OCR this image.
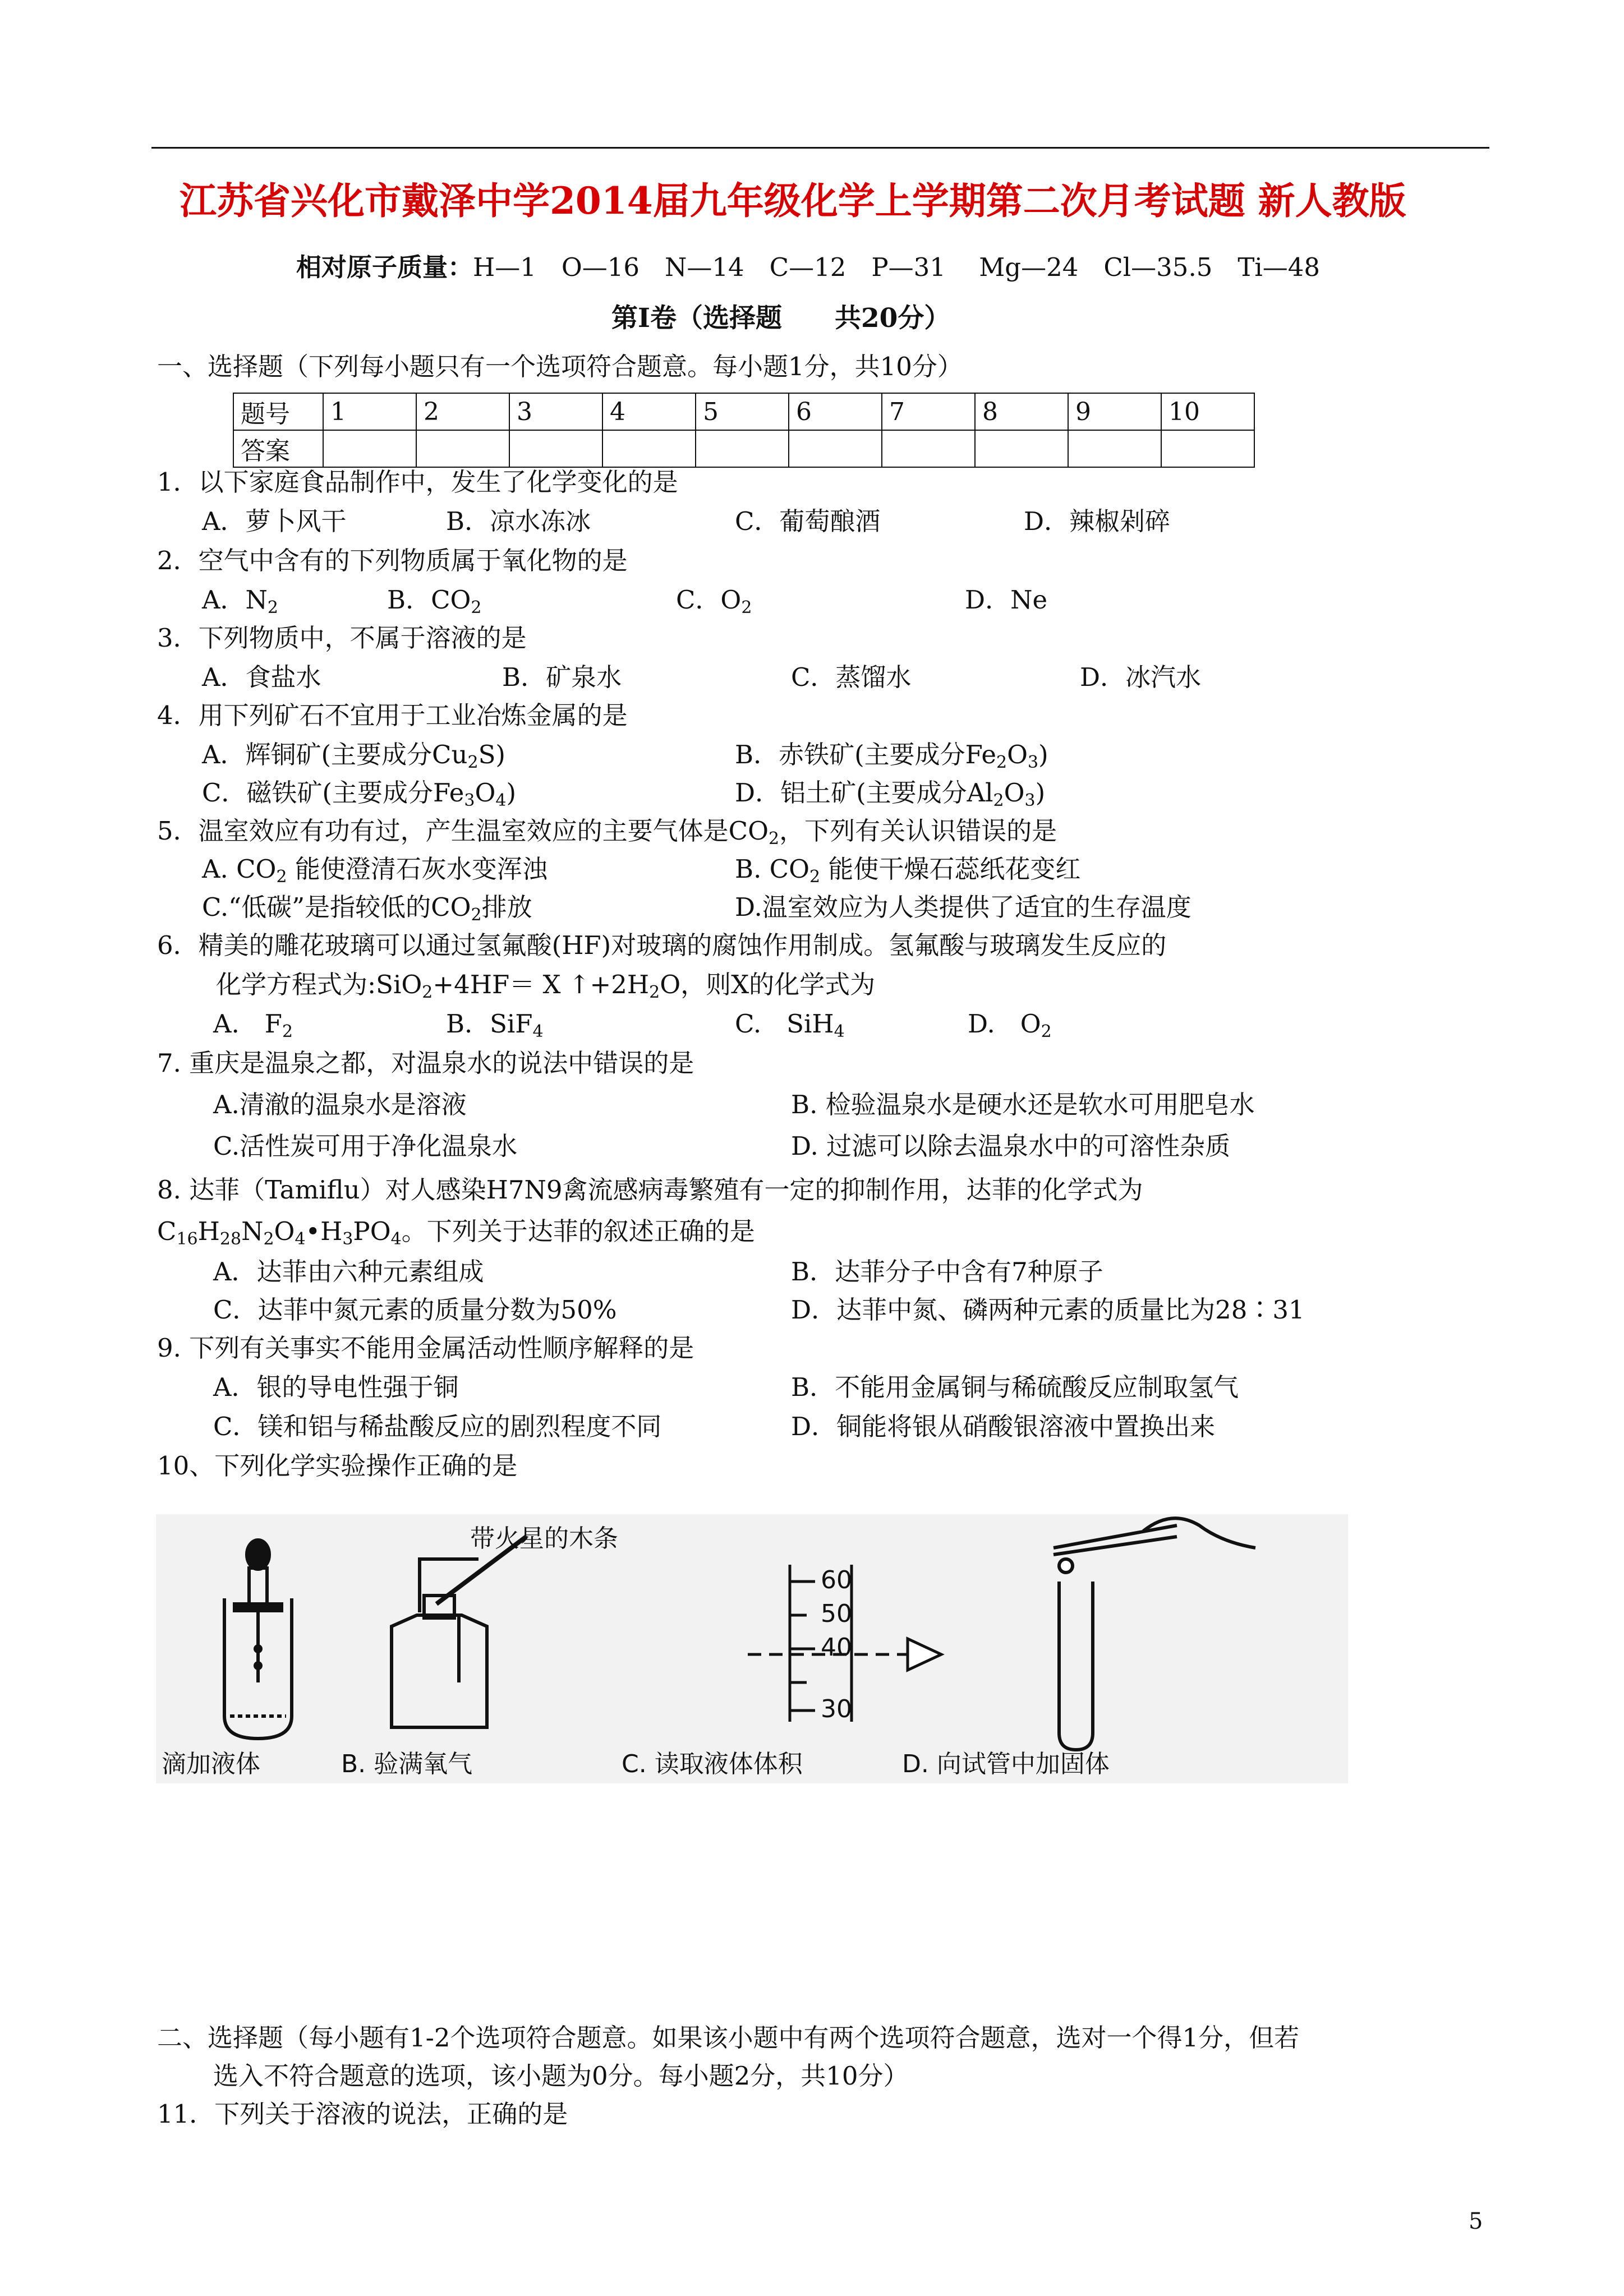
江苏省兴化市戴泽中学2014届九年级化学上学期第二次月考试题 新人教版
相对原子质量：H—1　O—16　N—14　C—12　P—31　 Mg—24　Cl—35.5　Ti—48
第Ⅰ卷（选择题　　共20分）
一、选择题（下列每小题只有一个选项符合题意。每小题1分，共10分）
题号	1	2	3	4	5	6	7	8	9	10
答案										
1．以下家庭食品制作中，发生了化学变化的是
A．萝卜风干	B．凉水冻冰	C．葡萄酿酒	D．辣椒剁碎
2．空气中含有的下列物质属于氧化物的是
A．$N_2$	B．$CO_2$	C．$O_2$	D．Ne
3．下列物质中，不属于溶液的是
A．食盐水	B．矿泉水	C．蒸馏水	D．冰汽水
4．用下列矿石不宜用于工业冶炼金属的是
A．辉铜矿(主要成分$Cu_2S$)	B．赤铁矿(主要成分$Fe_2O_3$)
C．磁铁矿(主要成分$Fe_3O_4$)	D．铝土矿(主要成分$Al_2O_3$)
5．温室效应有功有过，产生温室效应的主要气体是$CO_2$，下列有关认识错误的是
A. $CO_2$ 能使澄清石灰水变浑浊	B. $CO_2$ 能使干燥石蕊纸花变红
C.“低碳”是指较低的$CO_2$排放	D.温室效应为人类提供了适宜的生存温度
6．精美的雕花玻璃可以通过氢氟酸(HF)对玻璃的腐蚀作用制成。氢氟酸与玻璃发生反应的
化学方程式为:SiO$_2$+4HF＝ X $↑+2H_2O$，则X的化学式为
A.　$F_2$	B．SiF$_4$	C.　SiH$_4$	D.　$O_2$
7. 重庆是温泉之都，对温泉水的说法中错误的是
A.清澈的温泉水是溶液	B. 检验温泉水是硬水还是软水可用肥皂水
C.活性炭可用于净化温泉水	D. 过滤可以除去温泉水中的可溶性杂质
8. 达菲（Tamiflu）对人感染H7N9禽流感病毒繁殖有一定的抑制作用，达菲的化学式为
$C_{16}H_{28}N_2O_4•H_3PO_4$。下列关于达菲的叙述正确的是
A．达菲由六种元素组成	B．达菲分子中含有7种原子
C．达菲中氮元素的质量分数为50%	D．达菲中氮、磷两种元素的质量比为28∶31
9. 下列有关事实不能用金属活动性顺序解释的是
A．银的导电性强于铜	B．不能用金属铜与稀硫酸反应制取氢气
C．镁和铝与稀盐酸反应的剧烈程度不同	D．铜能将银从硝酸银溶液中置换出来
10、下列化学实验操作正确的是
带火星的木条
60
50
40
30
滴加液体	B. 验满氧气	C. 读取液体体积	D. 向试管中加固体
二、选择题（每小题有1-2个选项符合题意。如果该小题中有两个选项符合题意，选对一个得1分，但若
选入不符合题意的选项，该小题为0分。每小题2分，共10分）
11．下列关于溶液的说法，正确的是
5
